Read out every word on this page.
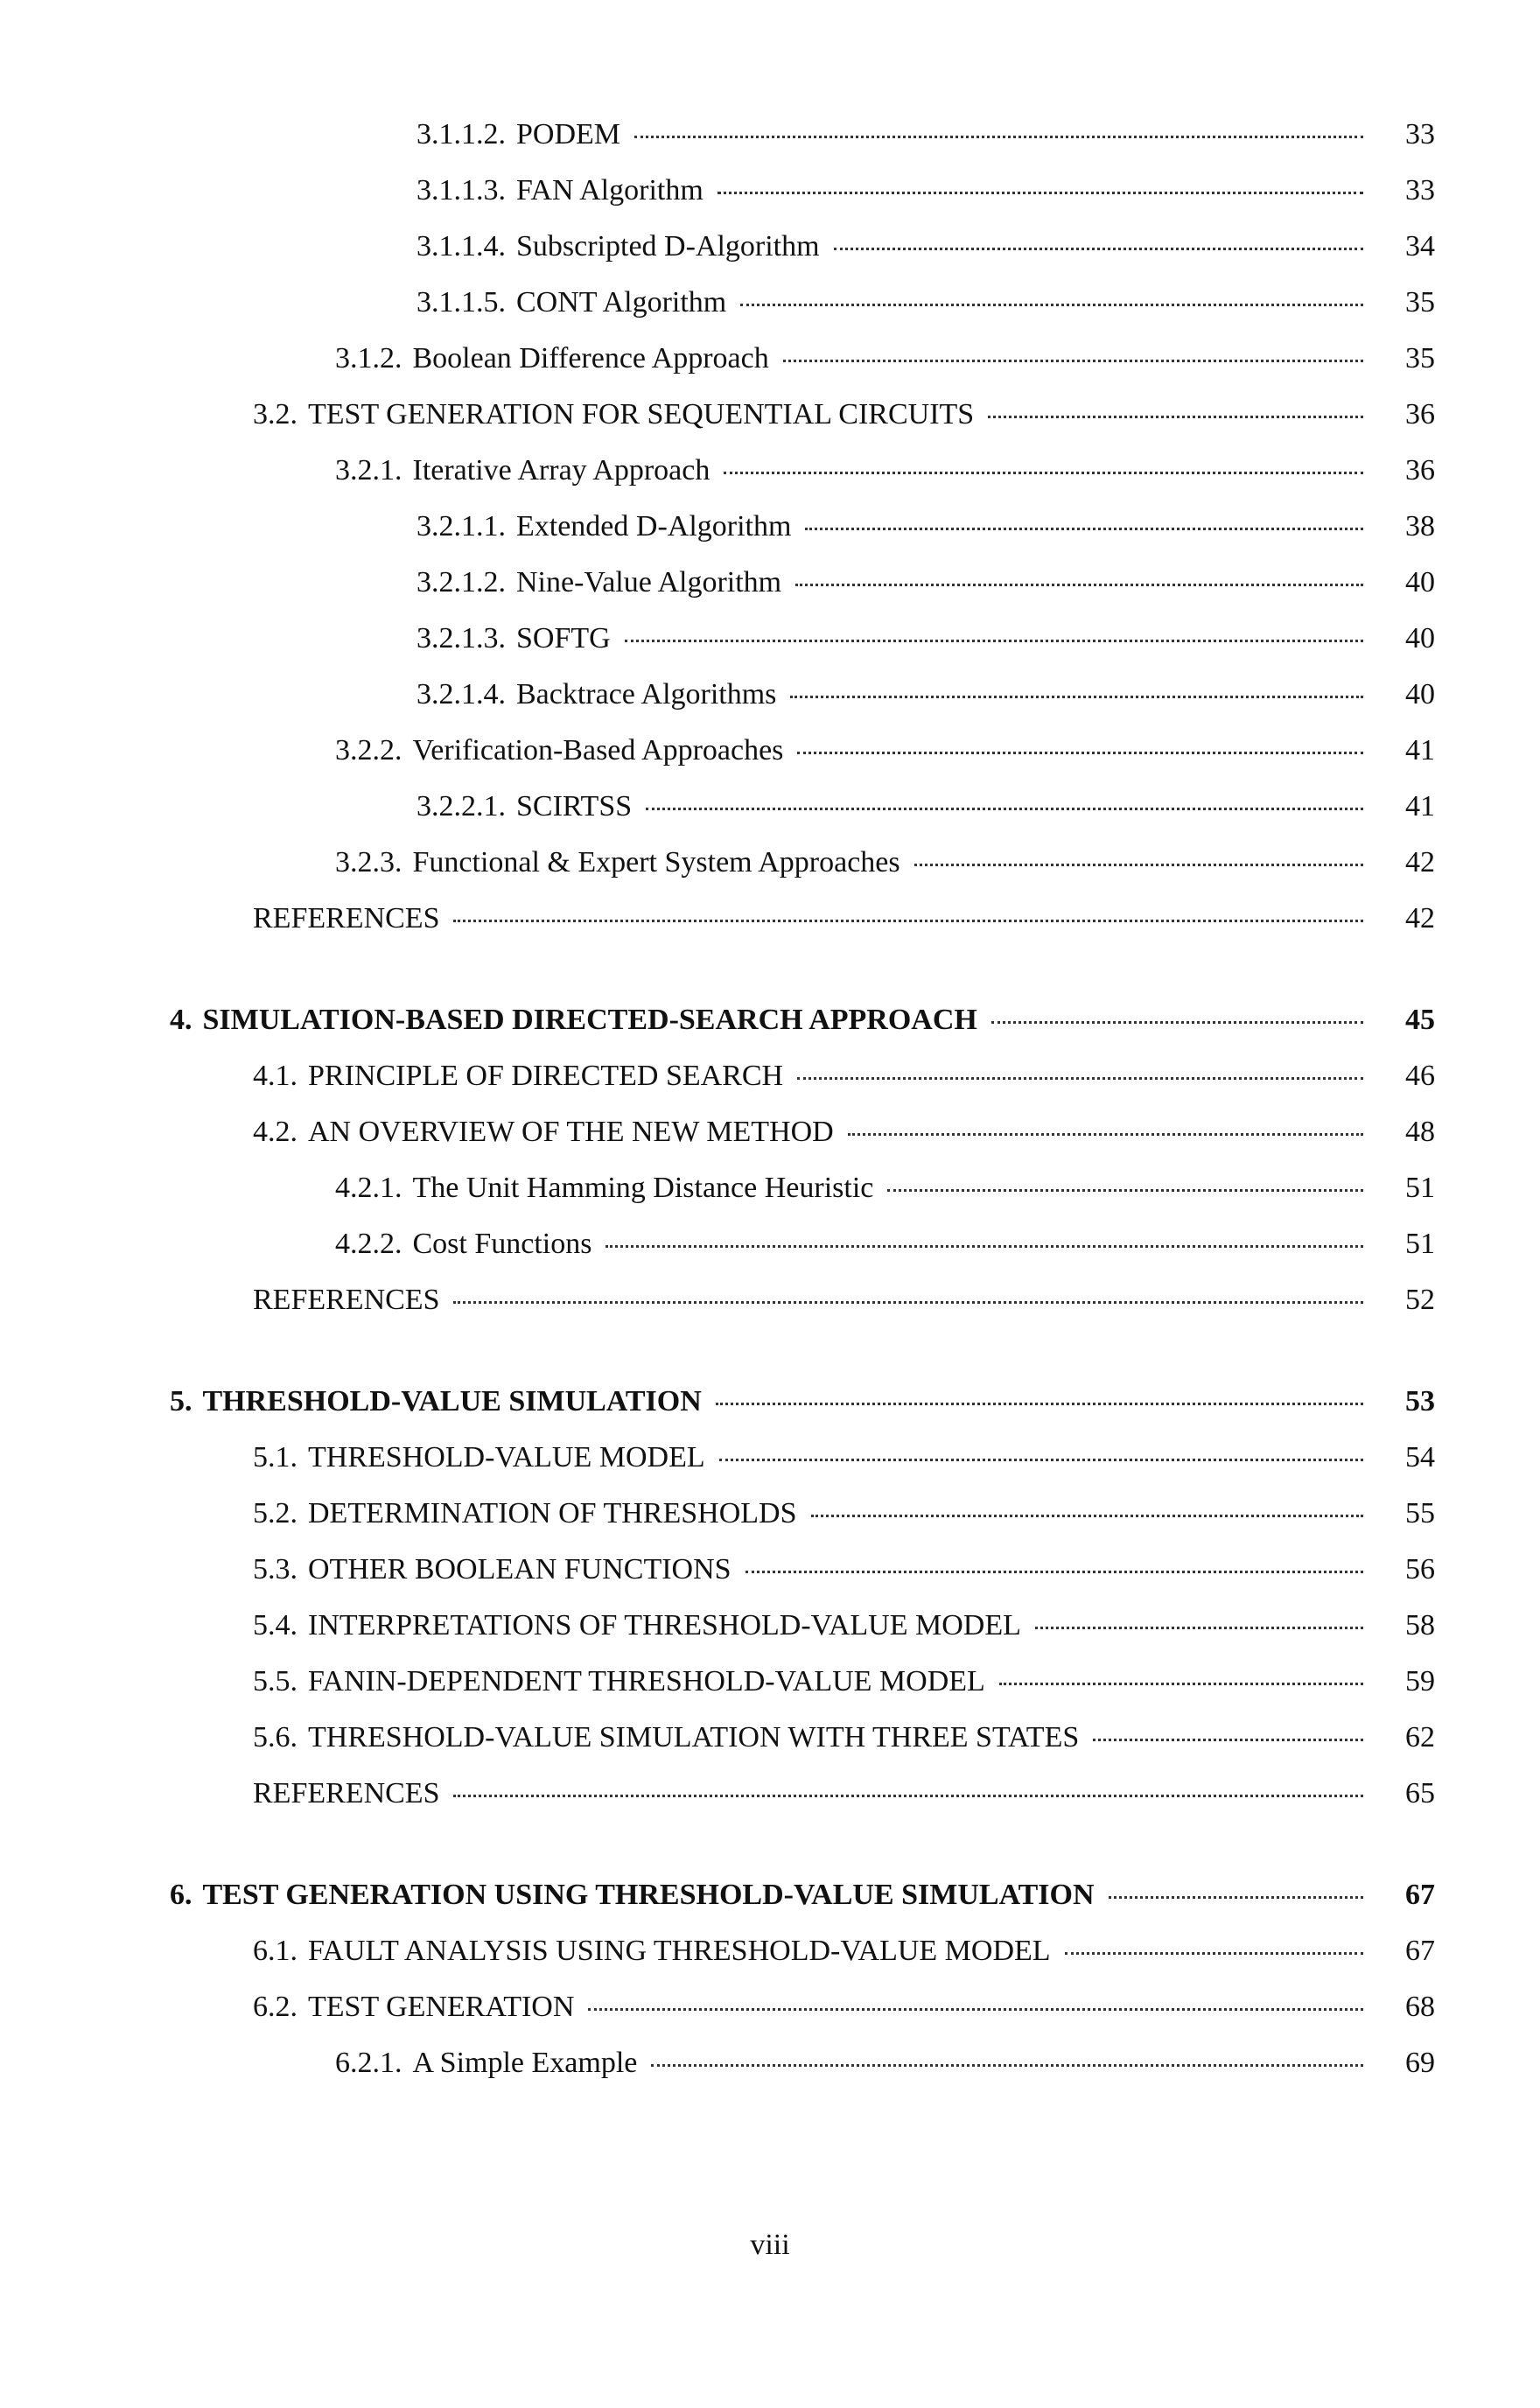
3.1.1.2. PODEM	33
3.1.1.3. FAN Algorithm	33
3.1.1.4. Subscripted D-Algorithm	34
3.1.1.5. CONT Algorithm	35
3.1.2. Boolean Difference Approach	35
3.2. TEST GENERATION FOR SEQUENTIAL CIRCUITS	36
3.2.1. Iterative Array Approach	36
3.2.1.1. Extended D-Algorithm	38
3.2.1.2. Nine-Value Algorithm	40
3.2.1.3. SOFTG	40
3.2.1.4. Backtrace Algorithms	40
3.2.2. Verification-Based Approaches	41
3.2.2.1. SCIRTSS	41
3.2.3. Functional & Expert System Approaches	42
REFERENCES	42
4. SIMULATION-BASED DIRECTED-SEARCH APPROACH	45
4.1. PRINCIPLE OF DIRECTED SEARCH	46
4.2. AN OVERVIEW OF THE NEW METHOD	48
4.2.1. The Unit Hamming Distance Heuristic	51
4.2.2. Cost Functions	51
REFERENCES	52
5. THRESHOLD-VALUE SIMULATION	53
5.1. THRESHOLD-VALUE MODEL	54
5.2. DETERMINATION OF THRESHOLDS	55
5.3. OTHER BOOLEAN FUNCTIONS	56
5.4. INTERPRETATIONS OF THRESHOLD-VALUE MODEL	58
5.5. FANIN-DEPENDENT THRESHOLD-VALUE MODEL	59
5.6. THRESHOLD-VALUE SIMULATION WITH THREE STATES	62
REFERENCES	65
6. TEST GENERATION USING THRESHOLD-VALUE SIMULATION	67
6.1. FAULT ANALYSIS USING THRESHOLD-VALUE MODEL	67
6.2. TEST GENERATION	68
6.2.1. A Simple Example	69
viii
